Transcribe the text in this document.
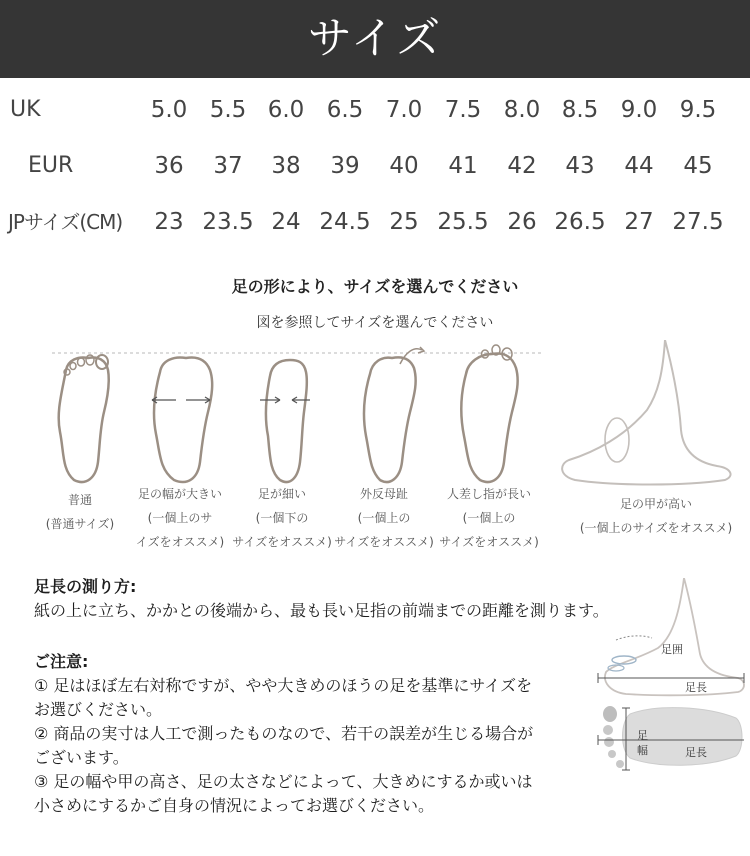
サイズ
UK	5.0 5.5 6.0 6.5 7.0 7.5 8.0 8.5 9.0 9.5
EUR	36	37	38	39	40	41	42	43	44	45
JPサイズ(CM)	23 23.5 24 24.5 25 25.5 26 26.5 27 27.5
足の形により、サイズを選んでください
図を参照してサイズを選んでください
普通
(普通サイズ)
足の幅が大きい
(一個上のサ
イズをオススメ)
足が細い
(一個下の
サイズをオススメ)
外反母趾
(一個上の
サイズをオススメ)
人差し指が長い
(一個上の
サイズをオススメ)
足の甲が高い
(一個上のサイズをオススメ)
足長の測り方:
紙の上に立ち、かかとの後端から、最も長い足指の前端までの距離を測ります。
足囲
足長
足
幅	足長
ご注意:
① 足はほぼ左右対称ですが、やや大きめのほうの足を基準にサイズを
お選びください。
② 商品の実寸は人工で測ったものなので、若干の誤差が生じる場合が
ございます。
③ 足の幅や甲の高さ、足の太さなどによって、大きめにするか或いは
小さめにするかご自身の情況によってお選びください。
